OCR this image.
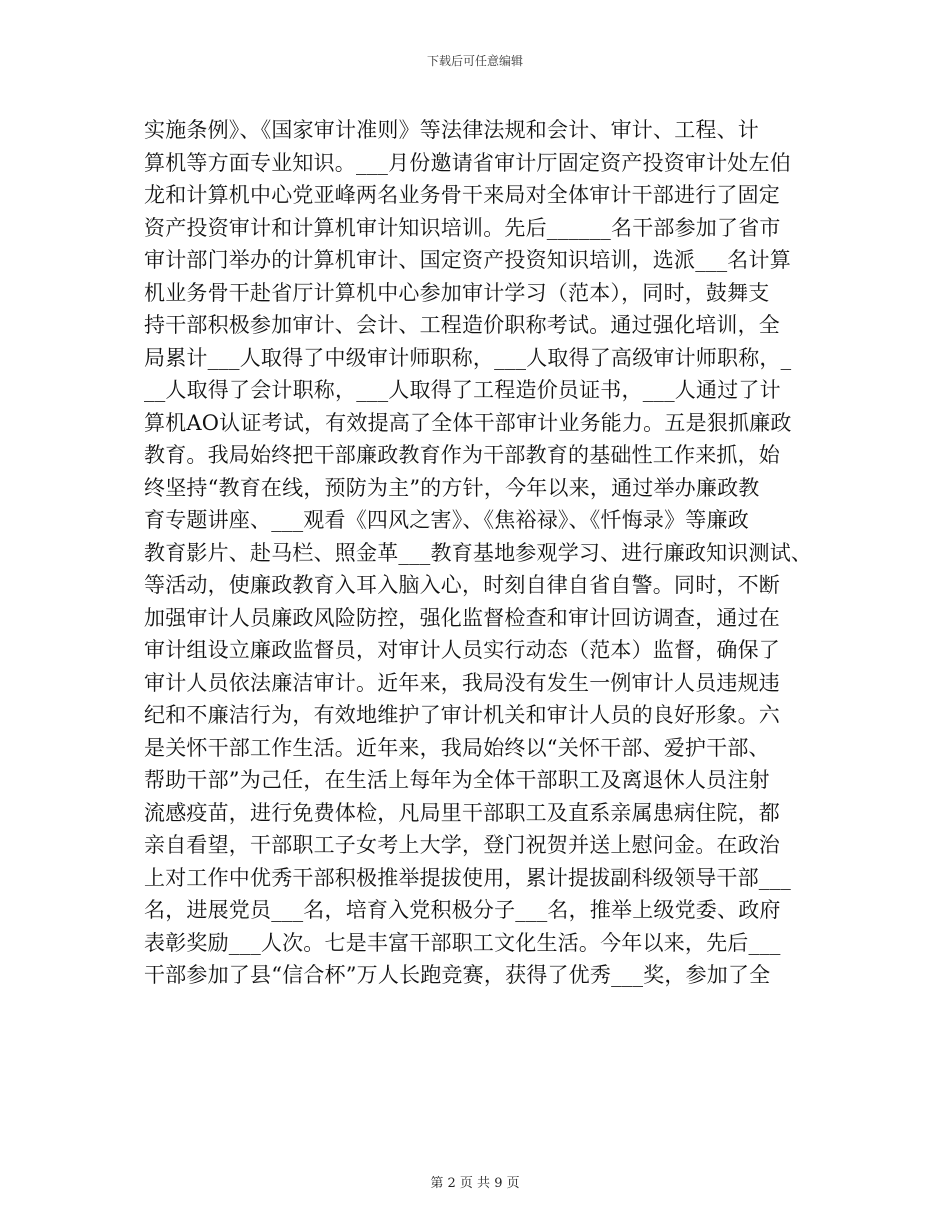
下载后可任意编辑
实施条例》、《国家审计准则》等法律法规和会计、审计、工程、计
算机等方面专业知识。___月份邀请省审计厅固定资产投资审计处左伯
龙和计算机中心党亚峰两名业务骨干来局对全体审计干部进行了固定
资产投资审计和计算机审计知识培训。先后______名干部参加了省市
审计部门举办的计算机审计、国定资产投资知识培训，选派___名计算
机业务骨干赴省厅计算机中心参加审计学习（范本），同时，鼓舞支
持干部积极参加审计、会计、工程造价职称考试。通过强化培训，全
局累计___人取得了中级审计师职称，___人取得了高级审计师职称，_
__人取得了会计职称，___人取得了工程造价员证书，___人通过了计
算机AO认证考试，有效提高了全体干部审计业务能力。五是狠抓廉政
教育。我局始终把干部廉政教育作为干部教育的基础性工作来抓，始
终坚持“教育在线，预防为主”的方针，今年以来，通过举办廉政教
育专题讲座、___观看《四风之害》、《焦裕禄》、《忏悔录》等廉政
教育影片、赴马栏、照金革___教育基地参观学习、进行廉政知识测试、
等活动，使廉政教育入耳入脑入心，时刻自律自省自警。同时，不断
加强审计人员廉政风险防控，强化监督检查和审计回访调查，通过在
审计组设立廉政监督员，对审计人员实行动态（范本）监督，确保了
审计人员依法廉洁审计。近年来，我局没有发生一例审计人员违规违
纪和不廉洁行为，有效地维护了审计机关和审计人员的良好形象。六
是关怀干部工作生活。近年来，我局始终以“关怀干部、爱护干部、
帮助干部”为己任，在生活上每年为全体干部职工及离退休人员注射
流感疫苗，进行免费体检，凡局里干部职工及直系亲属患病住院，都
亲自看望，干部职工子女考上大学，登门祝贺并送上慰问金。在政治
上对工作中优秀干部积极推举提拔使用，累计提拔副科级领导干部___
名，进展党员___名，培育入党积极分子___名，推举上级党委、政府
表彰奖励___人次。七是丰富干部职工文化生活。今年以来，先后___
干部参加了县“信合杯”万人长跑竞赛，获得了优秀___奖，参加了全
第 2 页 共 9 页
